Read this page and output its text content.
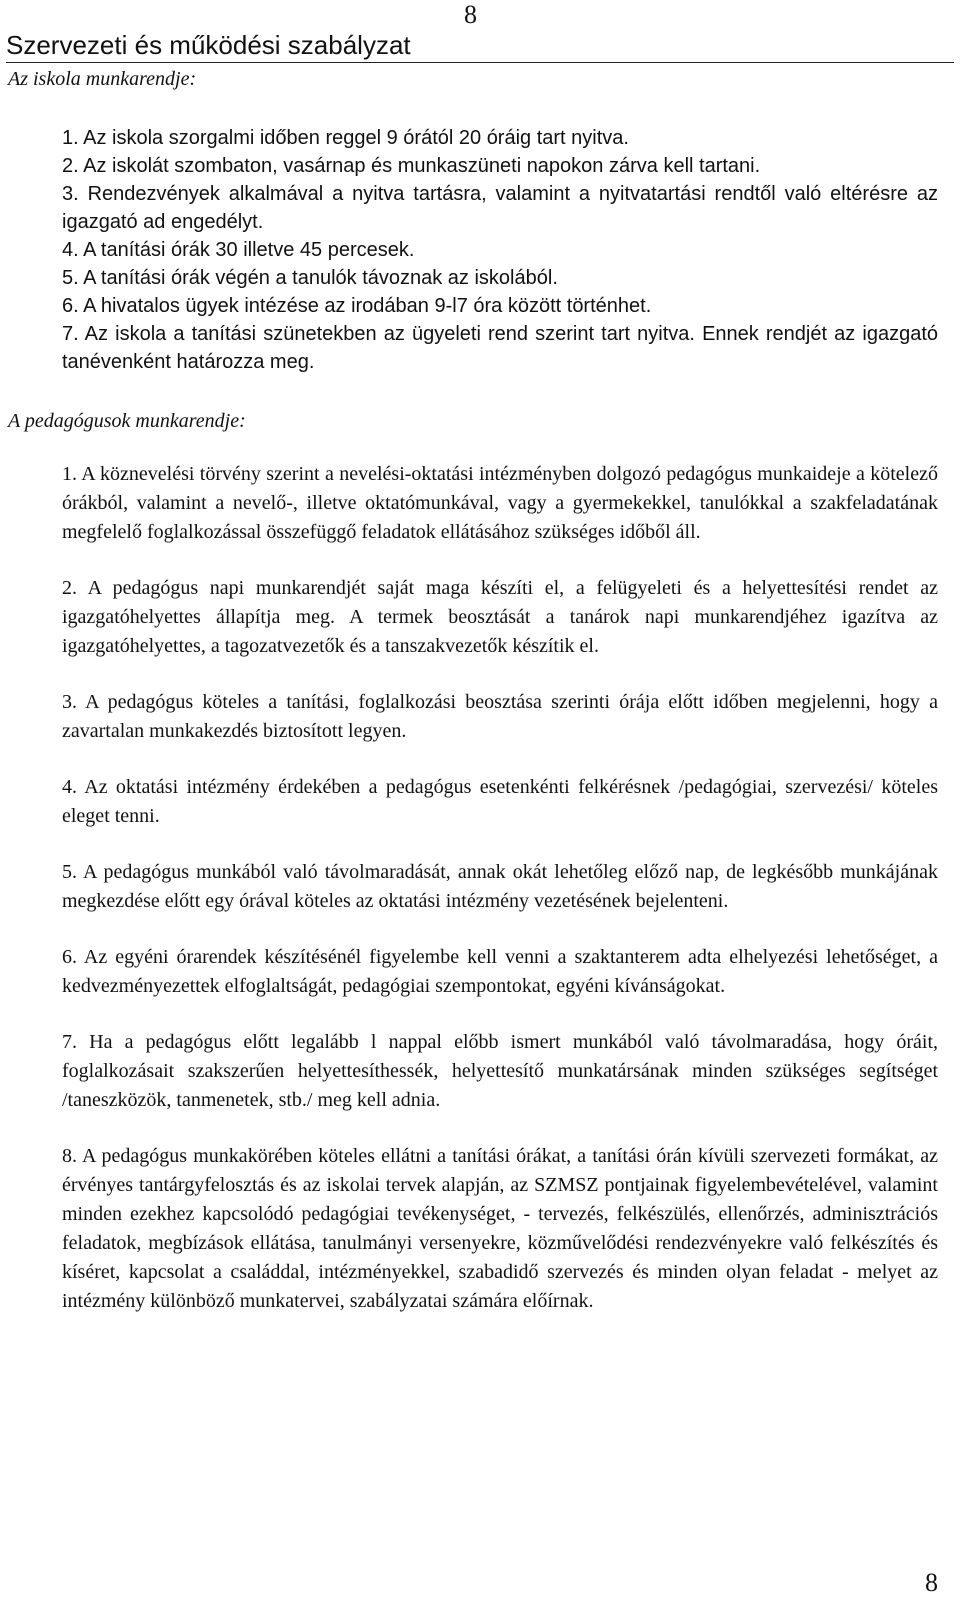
Szervezeti és működési szabályzat
8
Az iskola munkarendje:

1. Az iskola szorgalmi időben reggel 9 órától 20 óráig tart nyitva.

2. Az iskolát szombaton, vasárnap és munkaszüneti napokon zárva kell tartani.

3. Rendezvények alkalmával a nyitva tartásra, valamint a nyitvatartási rendtől való eltérésre az igazgató ad engedélyt.

4. A tanítási órák 30 illetve 45 percesek.

5. A tanítási órák végén a tanulók távoznak az iskolából.

6. A hivatalos ügyek intézése az irodában 9-l7 óra között történhet.

7. Az iskola a tanítási szünetekben az ügyeleti rend szerint tart nyitva. Ennek rendjét az igazgató tanévenként határozza meg.

A pedagógusok munkarendje:

1. A köznevelési törvény szerint a nevelési-oktatási intézményben dolgozó pedagógus munkaideje a kötelező órákból, valamint a nevelő-, illetve oktatómunkával, vagy a gyermekekkel, tanulókkal a szakfeladatának megfelelő foglalkozással összefüggő feladatok ellátásához szükséges időből áll.

2. A pedagógus napi munkarendjét saját maga készíti el, a felügyeleti és a helyettesítési rendet az igazgatóhelyettes állapítja meg. A termek beosztását a tanárok napi munkarendjéhez igazítva az igazgatóhelyettes, a tagozatvezetők és a tanszakvezetők készítik el.

3. A pedagógus köteles a tanítási, foglalkozási beosztása szerinti órája előtt időben megjelenni, hogy a zavartalan munkakezdés biztosított legyen.

4. Az oktatási intézmény érdekében a pedagógus esetenkénti felkérésnek /pedagógiai, szervezési/ köteles eleget tenni.

5. A pedagógus munkából való távolmaradását, annak okát lehetőleg előző nap, de legkésőbb munkájának megkezdése előtt egy órával köteles az oktatási intézmény vezetésének bejelenteni.

6. Az egyéni órarendek készítésénél figyelembe kell venni a szaktanterem adta elhelyezési lehetőséget, a kedvezményezettek elfoglaltságát, pedagógiai szempontokat, egyéni kívánságokat.

7. Ha a pedagógus előtt legalább l nappal előbb ismert munkából való távolmaradása, hogy óráit, foglalkozásait szakszerűen helyettesíthessék, helyettesítő munkatársának minden szükséges segítséget /taneszközök, tanmenetek, stb./ meg kell adnia.

8. A pedagógus munkakörében köteles ellátni a tanítási órákat, a tanítási órán kívüli szervezeti formákat, az érvényes tantárgyfelosztás és az iskolai tervek alapján, az SZMSZ pontjainak figyelembevételével, valamint minden ezekhez kapcsolódó pedagógiai tevékenységet, - tervezés, felkészülés, ellenőrzés, adminisztrációs feladatok, megbízások ellátása, tanulmányi versenyekre, közművelődési rendezvényekre való felkészítés és kíséret, kapcsolat a családdal, intézményekkel, szabadidő szervezés és minden olyan feladat - melyet az intézmény különböző munkatervei, szabályzatai számára előírnak.

8
